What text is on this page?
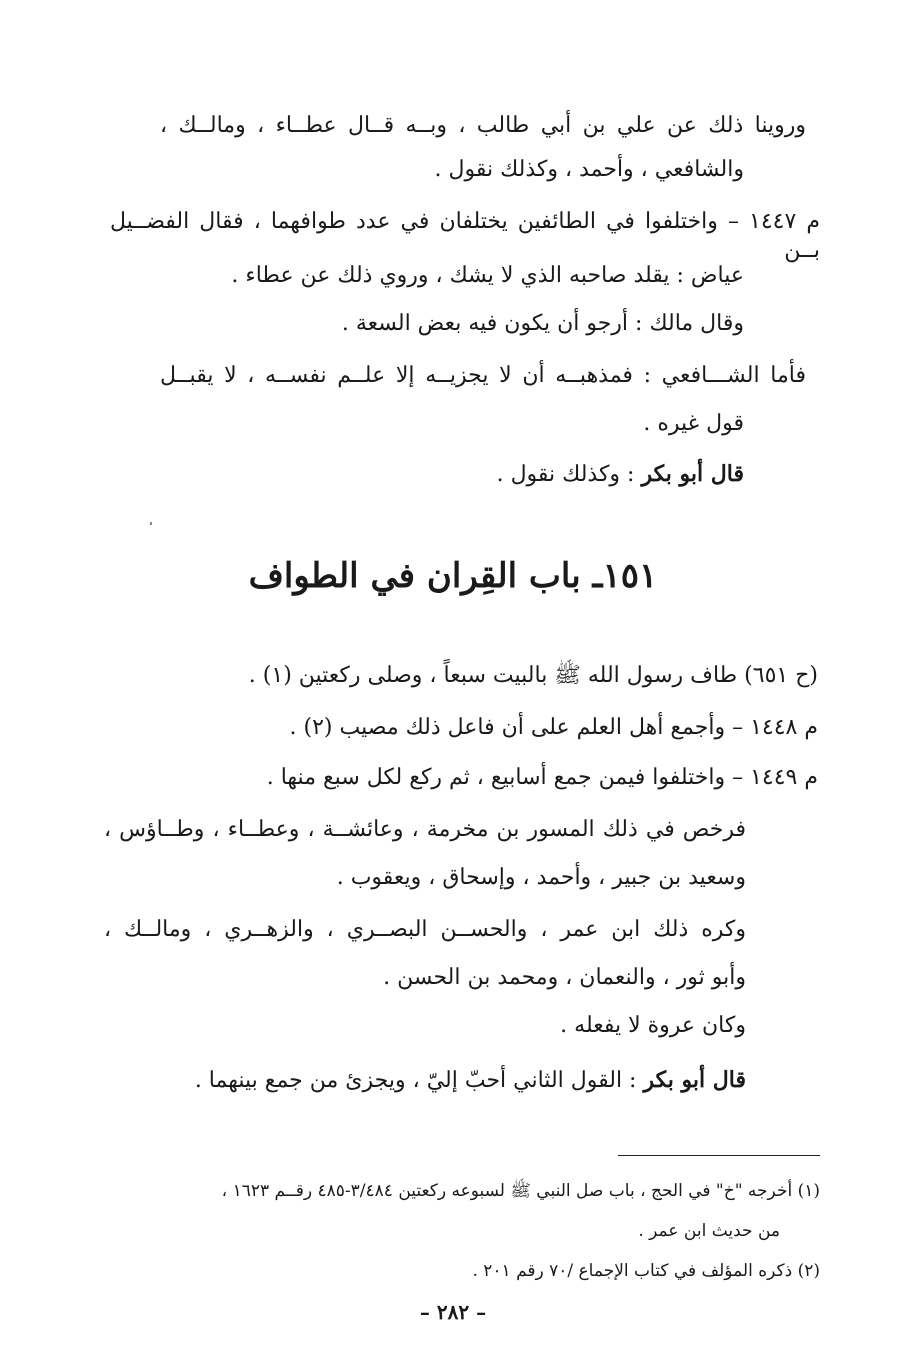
وروينا ذلك عن علي بن أبي طالب ، وبــه قــال عطــاء ، ومالــك ،
والشافعي ، وأحمد ، وكذلك نقول .
م ١٤٤٧ – واختلفوا في الطائفين يختلفان في عدد طوافهما ، فقال الفضــيل بــن
عياض : يقلد صاحبه الذي لا يشك ، وروي ذلك عن عطاء .
وقال مالك : أرجو أن يكون فيه بعض السعة .
فأما الشـــافعي : فمذهبــه أن لا يجزيــه إلا علــم نفســه ، لا يقبــل
قول غيره .
قال أبو بكر : وكذلك نقول .
١٥١ـ باب القِران في الطواف
(ح ٦٥١) طاف رسول الله ﷺ بالبيت سبعاً ، وصلى ركعتين (١) .
م ١٤٤٨ – وأجمع أهل العلم على أن فاعل ذلك مصيب (٢) .
م ١٤٤٩ – واختلفوا فيمن جمع أسابيع ، ثم ركع لكل سبع منها .
فرخص في ذلك المسور بن مخرمة ، وعائشــة ، وعطــاء ، وطــاؤس ،
وسعيد بن جبير ، وأحمد ، وإسحاق ، ويعقوب .
وكره ذلك ابن عمر ، والحســن البصــري ، والزهــري ، ومالــك ،
وأبو ثور ، والنعمان ، ومحمد بن الحسن .
وكان عروة لا يفعله .
قال أبو بكر : القول الثاني أحبّ إليّ ، ويجزئ من جمع بينهما .
(١) أخرجه "خ" في الحج ، باب صل النبي ﷺ لسبوعه ركعتين ٣/٤٨٤-٤٨٥ رقــم ١٦٢٣ ،
من حديث ابن عمر .
(٢) ذكره المؤلف في كتاب الإجماع /٧٠ رقم ٢٠١ .
– ٢٨٢ –
